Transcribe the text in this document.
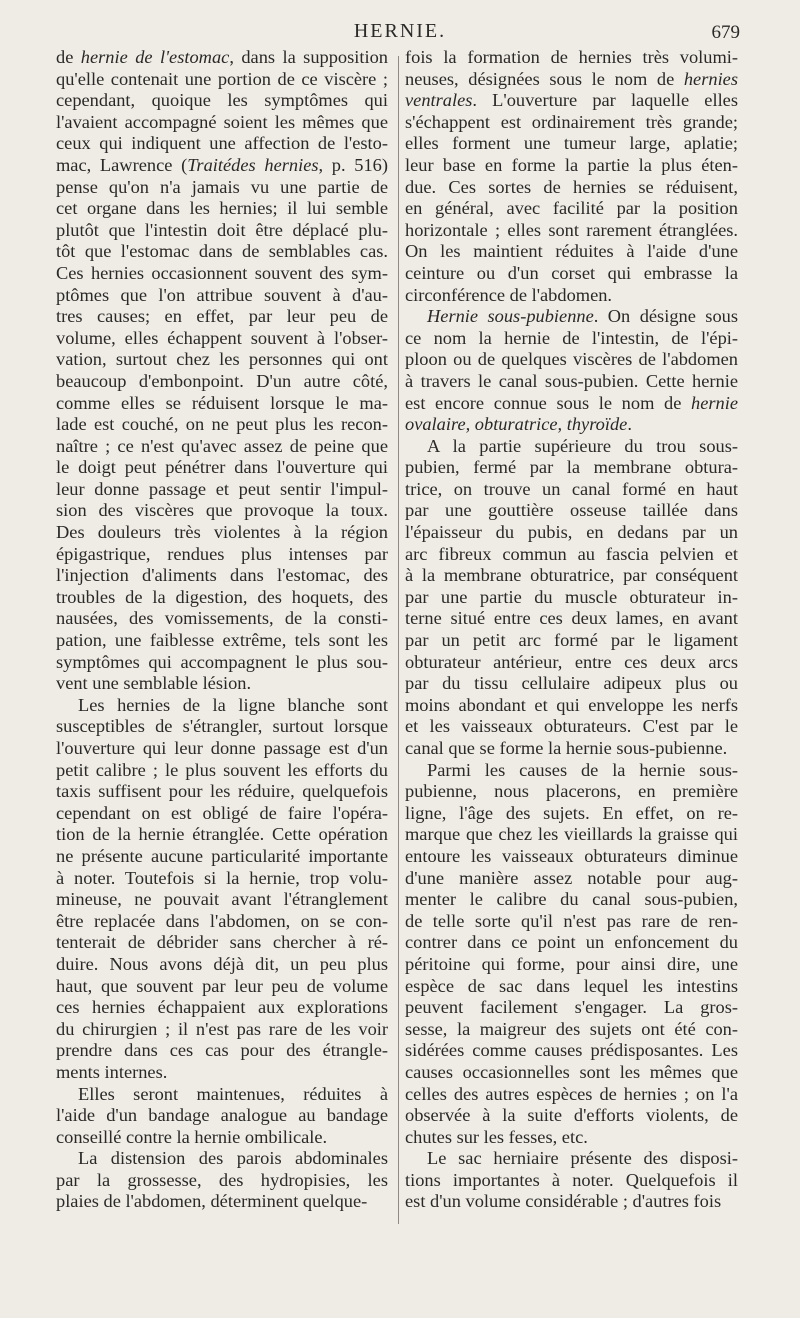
HERNIE.	679

de hernie de l'estomac, dans la supposition
qu'elle contenait une portion de ce viscère ;
cependant, quoique les symptômes qui
l'avaient accompagné soient les mêmes que
ceux qui indiquent une affection de l'esto-
mac, Lawrence (Traitédes hernies, p. 516)
pense qu'on n'a jamais vu une partie de
cet organe dans les hernies; il lui semble
plutôt que l'intestin doit être déplacé plu-
tôt que l'estomac dans de semblables cas.
Ces hernies occasionnent souvent des sym-
ptômes que l'on attribue souvent à d'au-
tres causes; en effet, par leur peu de
volume, elles échappent souvent à l'obser-
vation, surtout chez les personnes qui ont
beaucoup d'embonpoint. D'un autre côté,
comme elles se réduisent lorsque le ma-
lade est couché, on ne peut plus les recon-
naître ; ce n'est qu'avec assez de peine que
le doigt peut pénétrer dans l'ouverture qui
leur donne passage et peut sentir l'impul-
sion des viscères que provoque la toux.
Des douleurs très violentes à la région
épigastrique, rendues plus intenses par
l'injection d'aliments dans l'estomac, des
troubles de la digestion, des hoquets, des
nausées, des vomissements, de la consti-
pation, une faiblesse extrême, tels sont les
symptômes qui accompagnent le plus sou-
vent une semblable lésion.

Les hernies de la ligne blanche sont
susceptibles de s'étrangler, surtout lorsque
l'ouverture qui leur donne passage est d'un
petit calibre ; le plus souvent les efforts du
taxis suffisent pour les réduire, quelquefois
cependant on est obligé de faire l'opéra-
tion de la hernie étranglée. Cette opération
ne présente aucune particularité importante
à noter. Toutefois si la hernie, trop volu-
mineuse, ne pouvait avant l'étranglement
être replacée dans l'abdomen, on se con-
tenterait de débrider sans chercher à ré-
duire. Nous avons déjà dit, un peu plus
haut, que souvent par leur peu de volume
ces hernies échappaient aux explorations
du chirurgien ; il n'est pas rare de les voir
prendre dans ces cas pour des étrangle-
ments internes.

Elles seront maintenues, réduites à
l'aide d'un bandage analogue au bandage
conseillé contre la hernie ombilicale.

La distension des parois abdominales
par la grossesse, des hydropisies, les
plaies de l'abdomen, déterminent quelque-

fois la formation de hernies très volumi-
neuses, désignées sous le nom de hernies
ventrales. L'ouverture par laquelle elles
s'échappent est ordinairement très grande;
elles forment une tumeur large, aplatie;
leur base en forme la partie la plus éten-
due. Ces sortes de hernies se réduisent,
en général, avec facilité par la position
horizontale ; elles sont rarement étranglées.
On les maintient réduites à l'aide d'une
ceinture ou d'un corset qui embrasse la
circonférence de l'abdomen.

Hernie sous-pubienne. On désigne sous
ce nom la hernie de l'intestin, de l'épi-
ploon ou de quelques viscères de l'abdomen
à travers le canal sous-pubien. Cette hernie
est encore connue sous le nom de hernie
ovalaire, obturatrice, thyroïde.

A la partie supérieure du trou sous-
pubien, fermé par la membrane obtura-
trice, on trouve un canal formé en haut
par une gouttière osseuse taillée dans
l'épaisseur du pubis, en dedans par un
arc fibreux commun au fascia pelvien et
à la membrane obturatrice, par conséquent
par une partie du muscle obturateur in-
terne situé entre ces deux lames, en avant
par un petit arc formé par le ligament
obturateur antérieur, entre ces deux arcs
par du tissu cellulaire adipeux plus ou
moins abondant et qui enveloppe les nerfs
et les vaisseaux obturateurs. C'est par le
canal que se forme la hernie sous-pubienne.

Parmi les causes de la hernie sous-
pubienne, nous placerons, en première
ligne, l'âge des sujets. En effet, on re-
marque que chez les vieillards la graisse qui
entoure les vaisseaux obturateurs diminue
d'une manière assez notable pour aug-
menter le calibre du canal sous-pubien,
de telle sorte qu'il n'est pas rare de ren-
contrer dans ce point un enfoncement du
péritoine qui forme, pour ainsi dire, une
espèce de sac dans lequel les intestins
peuvent facilement s'engager. La gros-
sesse, la maigreur des sujets ont été con-
sidérées comme causes prédisposantes. Les
causes occasionnelles sont les mêmes que
celles des autres espèces de hernies ; on l'a
observée à la suite d'efforts violents, de
chutes sur les fesses, etc.

Le sac herniaire présente des disposi-
tions importantes à noter. Quelquefois il
est d'un volume considérable ; d'autres fois
